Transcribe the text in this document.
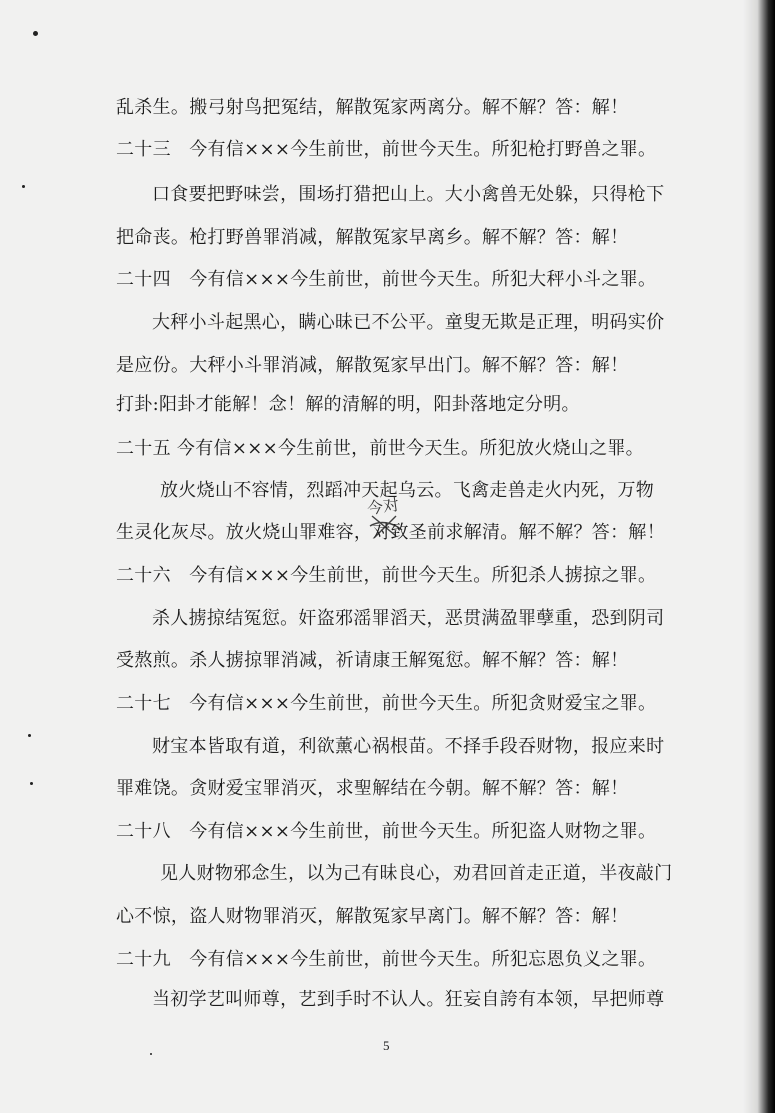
乱杀生。搬弓射鸟把冤结，解散冤家两离分。解不解？答：解！
二十三　今有信×××今生前世，前世今天生。所犯枪打野兽之罪。
口食要把野味尝，围场打猎把山上。大小禽兽无处躲，只得枪下
把命丧。枪打野兽罪消减，解散冤家早离乡。解不解？答：解！
二十四　今有信×××今生前世，前世今天生。所犯大秤小斗之罪。
大秤小斗起黑心，瞒心昧已不公平。童叟无欺是正理，明码实价
是应份。大秤小斗罪消减，解散冤家早出门。解不解？答：解！
打卦:阳卦才能解！念！解的清解的明，阳卦落地定分明。
二十五 今有信×××今生前世，前世今天生。所犯放火烧山之罪。
放火烧山不容情，烈蹈冲天起乌云。飞禽走兽走火内死，万物
生灵化灰尽。放火烧山罪难容，对致圣前求解清。解不解？答：解！
二十六　今有信×××今生前世，前世今天生。所犯杀人掳掠之罪。
杀人掳掠结冤愆。奸盗邪滛罪滔天，恶贯满盈罪孽重，恐到阴司
受熬煎。杀人掳掠罪消减，祈请康王解冤愆。解不解？答：解！
二十七　今有信×××今生前世，前世今天生。所犯贪财爱宝之罪。
财宝本皆取有道，利欲薰心祸根苗。不择手段吞财物，报应来时
罪难饶。贪财爱宝罪消灭，求聖解结在今朝。解不解？答：解！
二十八　今有信×××今生前世，前世今天生。所犯盗人财物之罪。
见人财物邪念生，以为己有昧良心，劝君回首走正道，半夜敲门
心不惊，盗人财物罪消灭，解散冤家早离门。解不解？答：解！
二十九　今有信×××今生前世，前世今天生。所犯忘恩负义之罪。
当初学艺叫师尊，艺到手时不认人。狂妄自誇有本领，早把师尊
今对
5
